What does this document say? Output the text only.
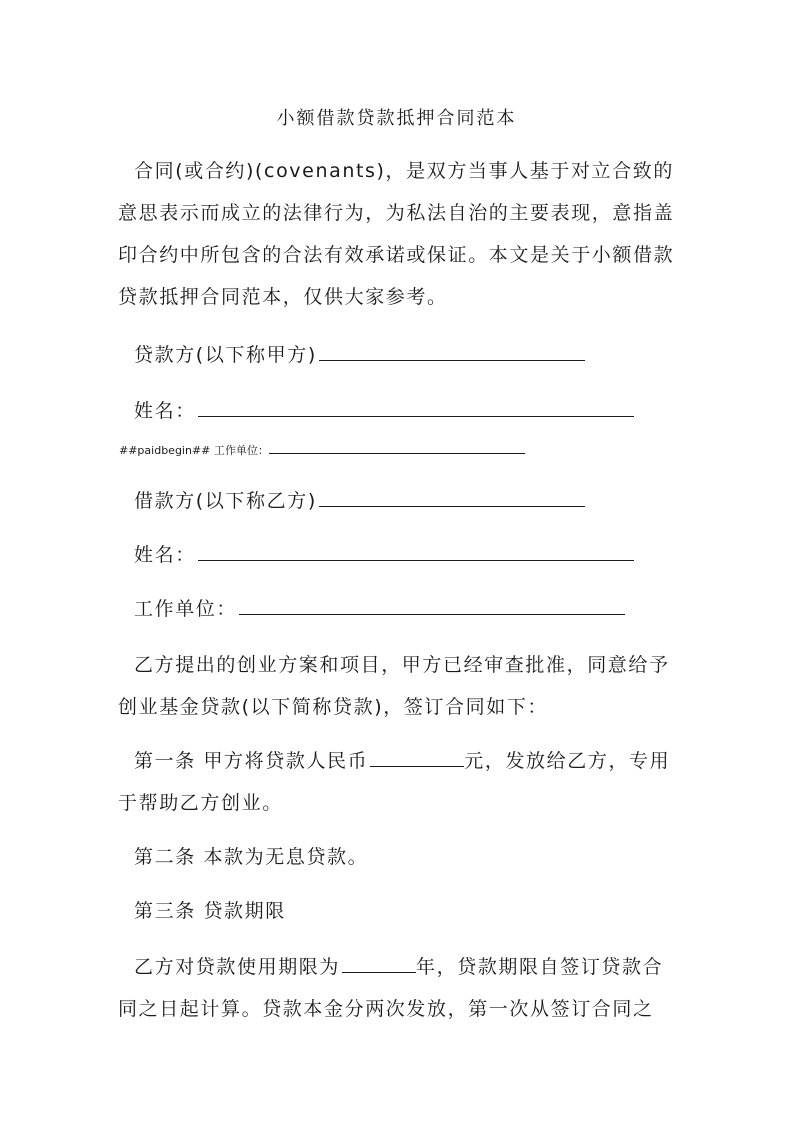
小额借款贷款抵押合同范本

合同(或合约)(covenants)，是双方当事人基于对立合致的意思表示而成立的法律行为，为私法自治的主要表现，意指盖印合约中所包含的合法有效承诺或保证。本文是关于小额借款贷款抵押合同范本，仅供大家参考。

贷款方(以下称甲方)
姓名：
##paidbegin## 工作单位：
借款方(以下称乙方)
姓名：
工作单位：

乙方提出的创业方案和项目，甲方已经审查批准，同意给予创业基金贷款(以下简称贷款)，签订合同如下：

第一条 甲方将贷款人民币	元，发放给乙方，专用于帮助乙方创业。

第二条 本款为无息贷款。

第三条 贷款期限

乙方对贷款使用期限为	年，贷款期限自签订贷款合同之日起计算。贷款本金分两次发放，第一次从签订合同之
